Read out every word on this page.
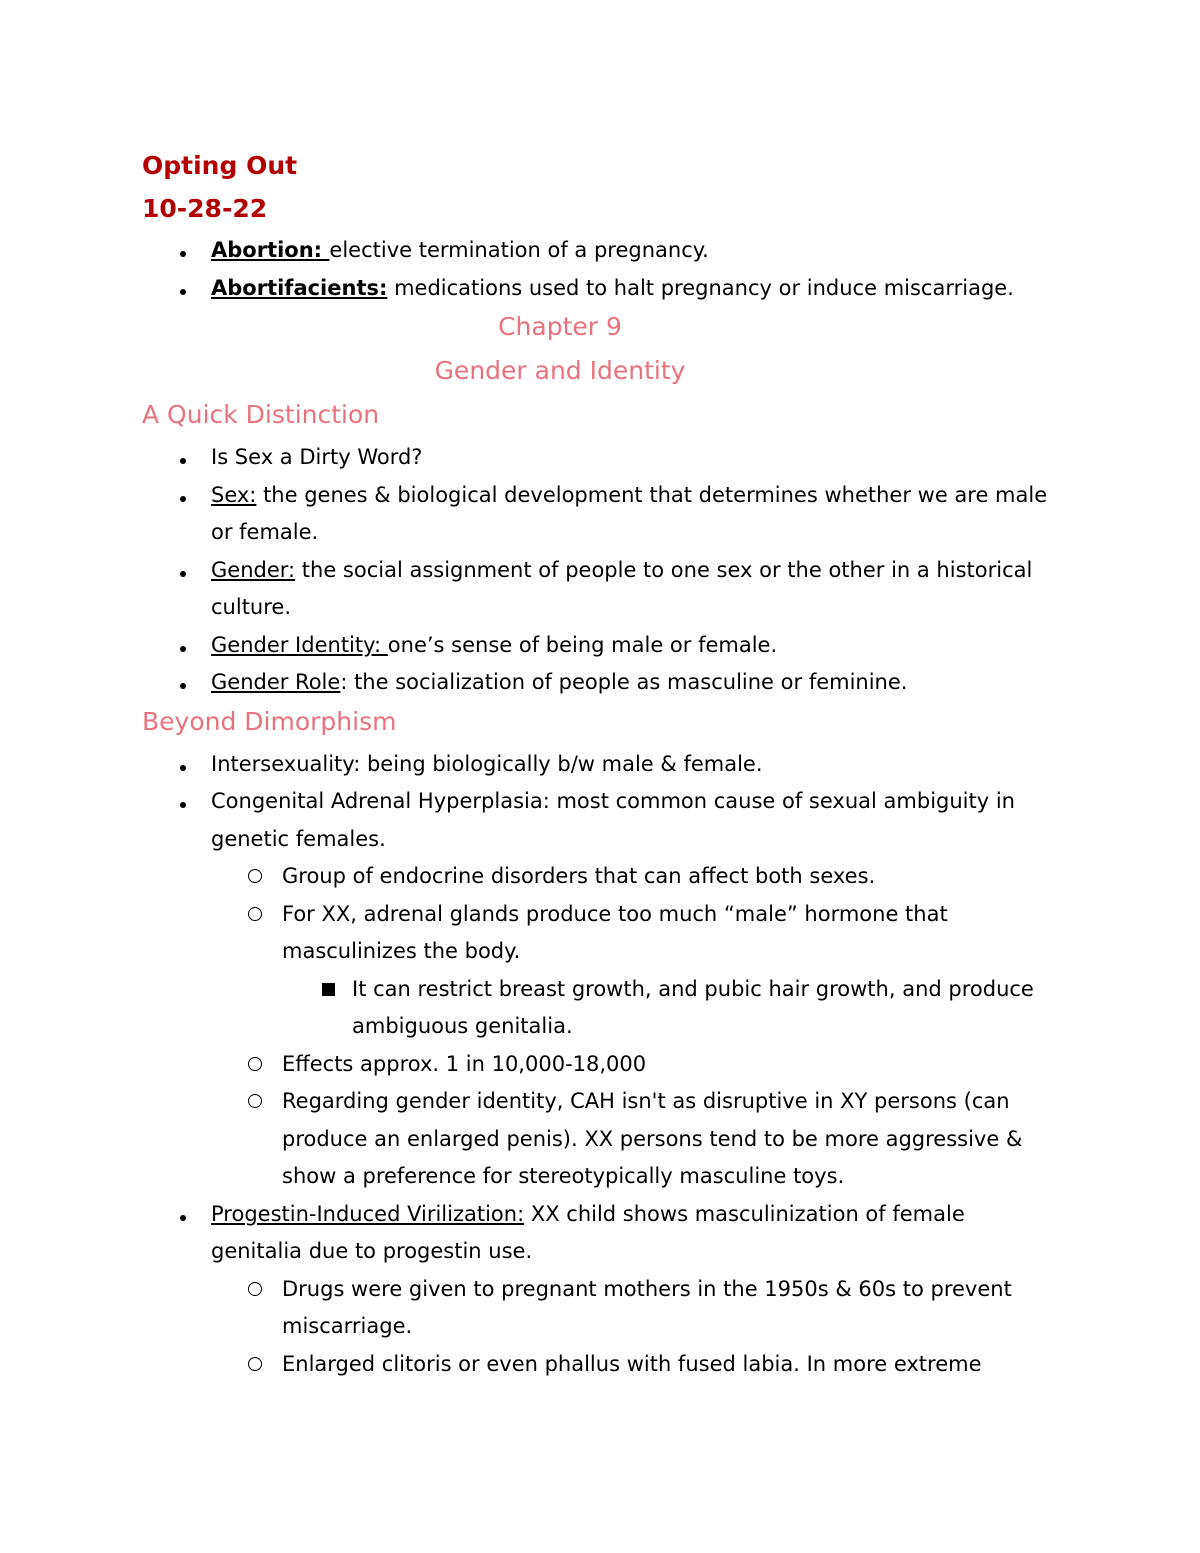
Opting Out
10-28-22
Abortion: elective termination of a pregnancy.
Abortifacients: medications used to halt pregnancy or induce miscarriage.
Chapter 9
Gender and Identity
A Quick Distinction
Is Sex a Dirty Word?
Sex: the genes & biological development that determines whether we are male or female.
Gender: the social assignment of people to one sex or the other in a historical culture.
Gender Identity: one’s sense of being male or female.
Gender Role: the socialization of people as masculine or feminine.
Beyond Dimorphism
Intersexuality: being biologically b/w male & female.
Congenital Adrenal Hyperplasia: most common cause of sexual ambiguity in genetic females.
Group of endocrine disorders that can affect both sexes.
For XX, adrenal glands produce too much “male” hormone that masculinizes the body.
It can restrict breast growth, and pubic hair growth, and produce ambiguous genitalia.
Effects approx. 1 in 10,000-18,000
Regarding gender identity, CAH isn't as disruptive in XY persons (can produce an enlarged penis). XX persons tend to be more aggressive & show a preference for stereotypically masculine toys.
Progestin-Induced Virilization: XX child shows masculinization of female genitalia due to progestin use.
Drugs were given to pregnant mothers in the 1950s & 60s to prevent miscarriage.
Enlarged clitoris or even phallus with fused labia. In more extreme
